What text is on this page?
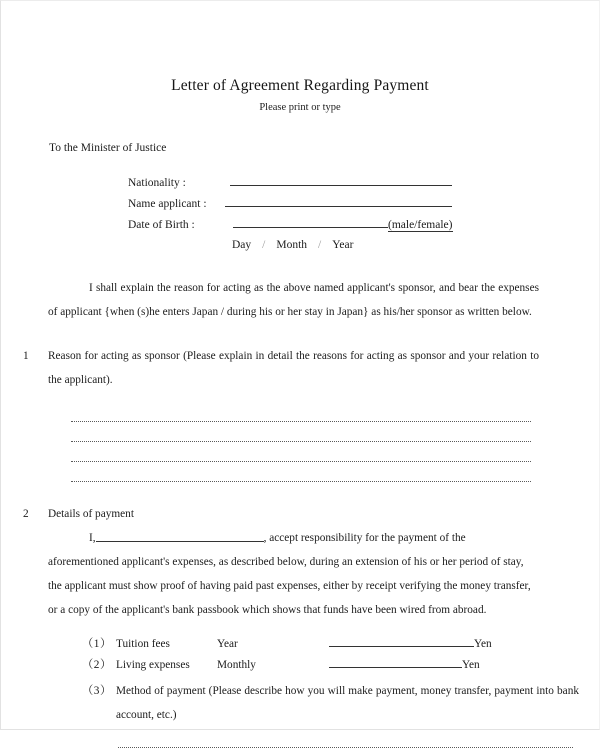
Letter of Agreement Regarding Payment
Please print or type
To the Minister of Justice
Nationality :
Name applicant :
Date of Birth :	(male/female)
Day / Month / Year
I shall explain the reason for acting as the above named applicant's sponsor, and bear the expenses of applicant {when (s)he enters Japan / during his or her stay in Japan} as his/her sponsor as written below.
1	Reason for acting as sponsor (Please explain in detail the reasons for acting as sponsor and your relation to the applicant).
2	Details of payment
I,	, accept responsibility for the payment of the aforementioned applicant's expenses, as described below, during an extension of his or her period of stay, the applicant must show proof of having paid past expenses, either by receipt verifying the money transfer, or a copy of the applicant's bank passbook which shows that funds have been wired from abroad.
（1） Tuition fees	Year	Yen
（2） Living expenses	Monthly	Yen
（3） Method of payment (Please describe how you will make payment, money transfer, payment into bank account, etc.)
